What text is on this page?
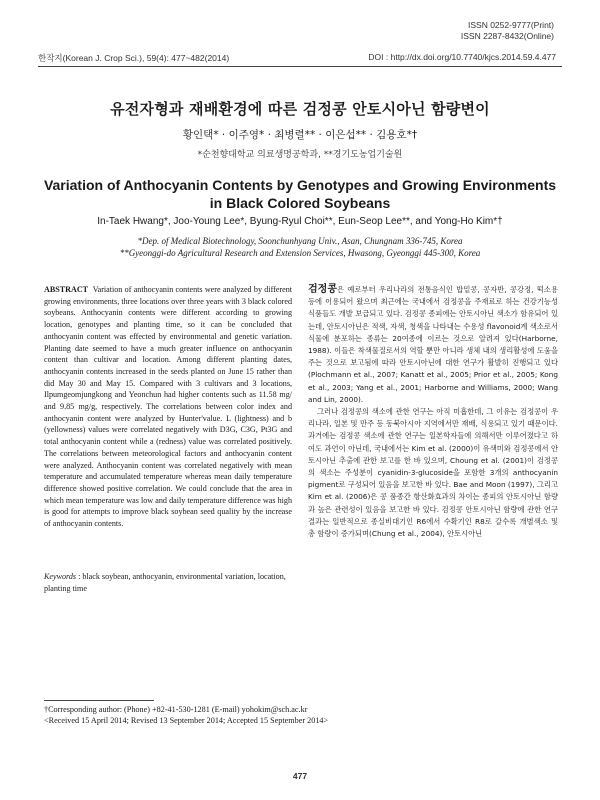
ISSN 0252-9777(Print)
ISSN 2287-8432(Online)
한작지(Korean J. Crop Sci.), 59(4): 477~482(2014)	DOI : http://dx.doi.org/10.7740/kjcs.2014.59.4.477
유전자형과 재배환경에 따른 검정콩 안토시아닌 함량변이
황인택* · 이주영* · 최병렬** · 이은섭** · 김용호*†
*순천향대학교 의료생명공학과, **경기도농업기술원
Variation of Anthocyanin Contents by Genotypes and Growing Environments
in Black Colored Soybeans
In-Taek Hwang*, Joo-Young Lee*, Byung-Ryul Choi**, Eun-Seop Lee**, and Yong-Ho Kim*†
*Dep. of Medical Biotechnology, Soonchunhyang Univ., Asan, Chungnam 336-745, Korea
**Gyeonggi-do Agricultural Research and Extension Services, Hwasong, Gyeonggi 445-300, Korea
ABSTRACT Variation of anthocyanin contents were analyzed by different growing environments, three locations over three years with 3 black colored soybeans. Anthocyanin contents were different according to growing location, genotypes and planting time, so it can be concluded that anthocyanin content was effected by environmental and genetic variation. Planting date seemed to have a much greater influence on anthocyanin content than cultivar and location. Among different planting dates, anthocyanin contents increased in the seeds planted on June 15 rather than did May 30 and May 15. Compared with 3 cultivars and 3 locations, Ilpumgeomjungkong and Yeonchun had higher contents such as 11.58 mg/ and 9.85 mg/g, respectively. The correlations between color index and anthocyanin content were analyzed by Hunter'value. L (lightness) and b (yellowness) values were correlated negatively with D3G, C3G, Pt3G and total anthocyanin content while a (redness) value was correlated positively. The correlations between meteorological factors and anthocyanin content were analyzed. Anthocyanin content was correlated negatively with mean temperature and accumulated temperature whereas mean daily temperature difference showed positive correlation. We could conclude that the area in which mean temperature was low and daily temperature difference was high is good for attempts to improve black soybean seed quality by the increase of anthocyanin contents.
Keywords : black soybean, anthocyanin, environmental variation, location, planting time

검정콩은 예로부터 우리나라의 전통음식인 밥밑콩, 콩자반, 콩강정, 떡소용 등에 이용되어 왔으며 최근에는 국내에서 검정콩을 주재료로 하는 건강기능성 식품들도 개발 보급되고 있다. 검정콩 종피에는 안토시아닌 색소가 함유되어 있는데, 안토시아닌은 적색, 자색, 청색을 나타내는 수용성 flavonoid계 색소로서 식물에 분포하는 종류는 20여종에 이르는 것으로 알려져 있다(Harborne, 1988). 이들은 착색물질로서의 역할 뿐만 아니라 생체 내의 생리활성에 도움을 주는 것으로 보고됨에 따라 안토시아닌에 대한 연구가 활발히 진행되고 있다(Plochmann et al., 2007; Kanatt et al., 2005; Prior et al., 2005; Kong et al., 2003; Yang et al., 2001; Harborne and Williams, 2000; Wang and Lin, 2000).

그러나 검정콩의 색소에 관한 연구는 아직 미흡한데, 그 이유는 검정콩이 우리나라, 일본 및 만주 등 동북아시아 지역에서만 재배, 식용되고 있기 때문이다. 과거에는 검정콩 색소에 관한 연구는 일본학자들에 의해서만 이루어졌다고 하여도 과언이 아닌데, 국내에서는 Kim et al. (2000)이 유색미와 검정콩에서 안토시아닌 추출에 관한 보고를 한 바 있으며, Choung et al. (2001)이 검정콩의 색소는 주성분이 cyanidin-3-glucoside을 포함한 3개의 anthocyanin pigment로 구성되어 있음을 보고한 바 있다. Bae and Moon (1997), 그리고 Kim et al. (2006)은 콩 품종간 항산화효과의 차이는 종피의 안토시아닌 함량과 높은 관련성이 있음을 보고한 바 있다. 검정콩 안토시아닌 함량에 관한 연구결과는 일반적으로 종실비대기인 R6에서 수확기인 R8로 갈수록 개별색소 및 총 함량이 증가되며(Chung et al., 2004), 안토시아닌

†Corresponding author: (Phone) +82-41-530-1281 (E-mail) yohokim@sch.ac.kr
<Received 15 April 2014; Revised 13 September 2014; Accepted 15 September 2014>
477
